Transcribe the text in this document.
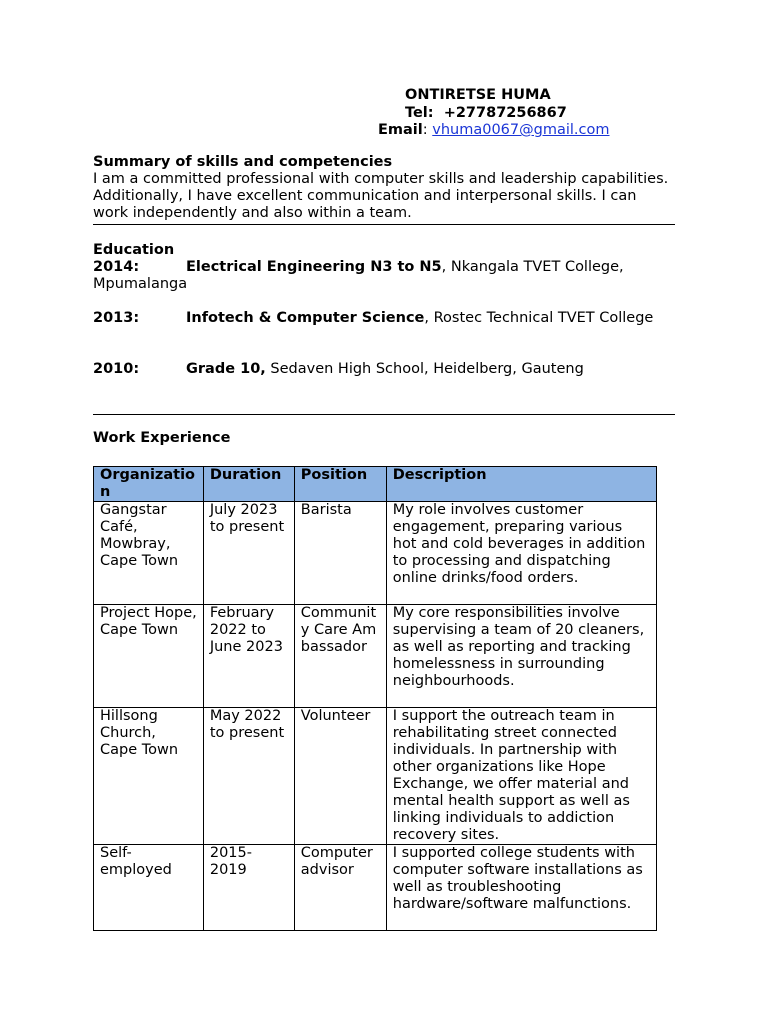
ONTIRETSE HUMA
Tel: +27787256867
Email: vhuma0067@gmail.com
Summary of skills and competencies
I am a committed professional with computer skills and leadership capabilities. Additionally, I have excellent communication and interpersonal skills. I can work independently and also within a team.
Education
2014:	Electrical Engineering N3 to N5, Nkangala TVET College, Mpumalanga
2013:	Infotech & Computer Science, Rostec Technical TVET College
2010:	Grade 10, Sedaven High School, Heidelberg, Gauteng
Work Experience
Organization	Duration	Position	Description
Gangstar Café, Mowbray, Cape Town	July 2023 to present	Barista	My role involves customer engagement, preparing various hot and cold beverages in addition to processing and dispatching online drinks/food orders.
Project Hope, Cape Town	February 2022 to June 2023	Community Care Ambassador	My core responsibilities involve supervising a team of 20 cleaners, as well as reporting and tracking homelessness in surrounding neighbourhoods.
Hillsong Church, Cape Town	May 2022 to present	Volunteer	I support the outreach team in rehabilitating street connected individuals. In partnership with other organizations like Hope Exchange, we offer material and mental health support as well as linking individuals to addiction recovery sites.
Self-employed	2015-2019	Computer advisor	I supported college students with computer software installations as well as troubleshooting hardware/software malfunctions.
